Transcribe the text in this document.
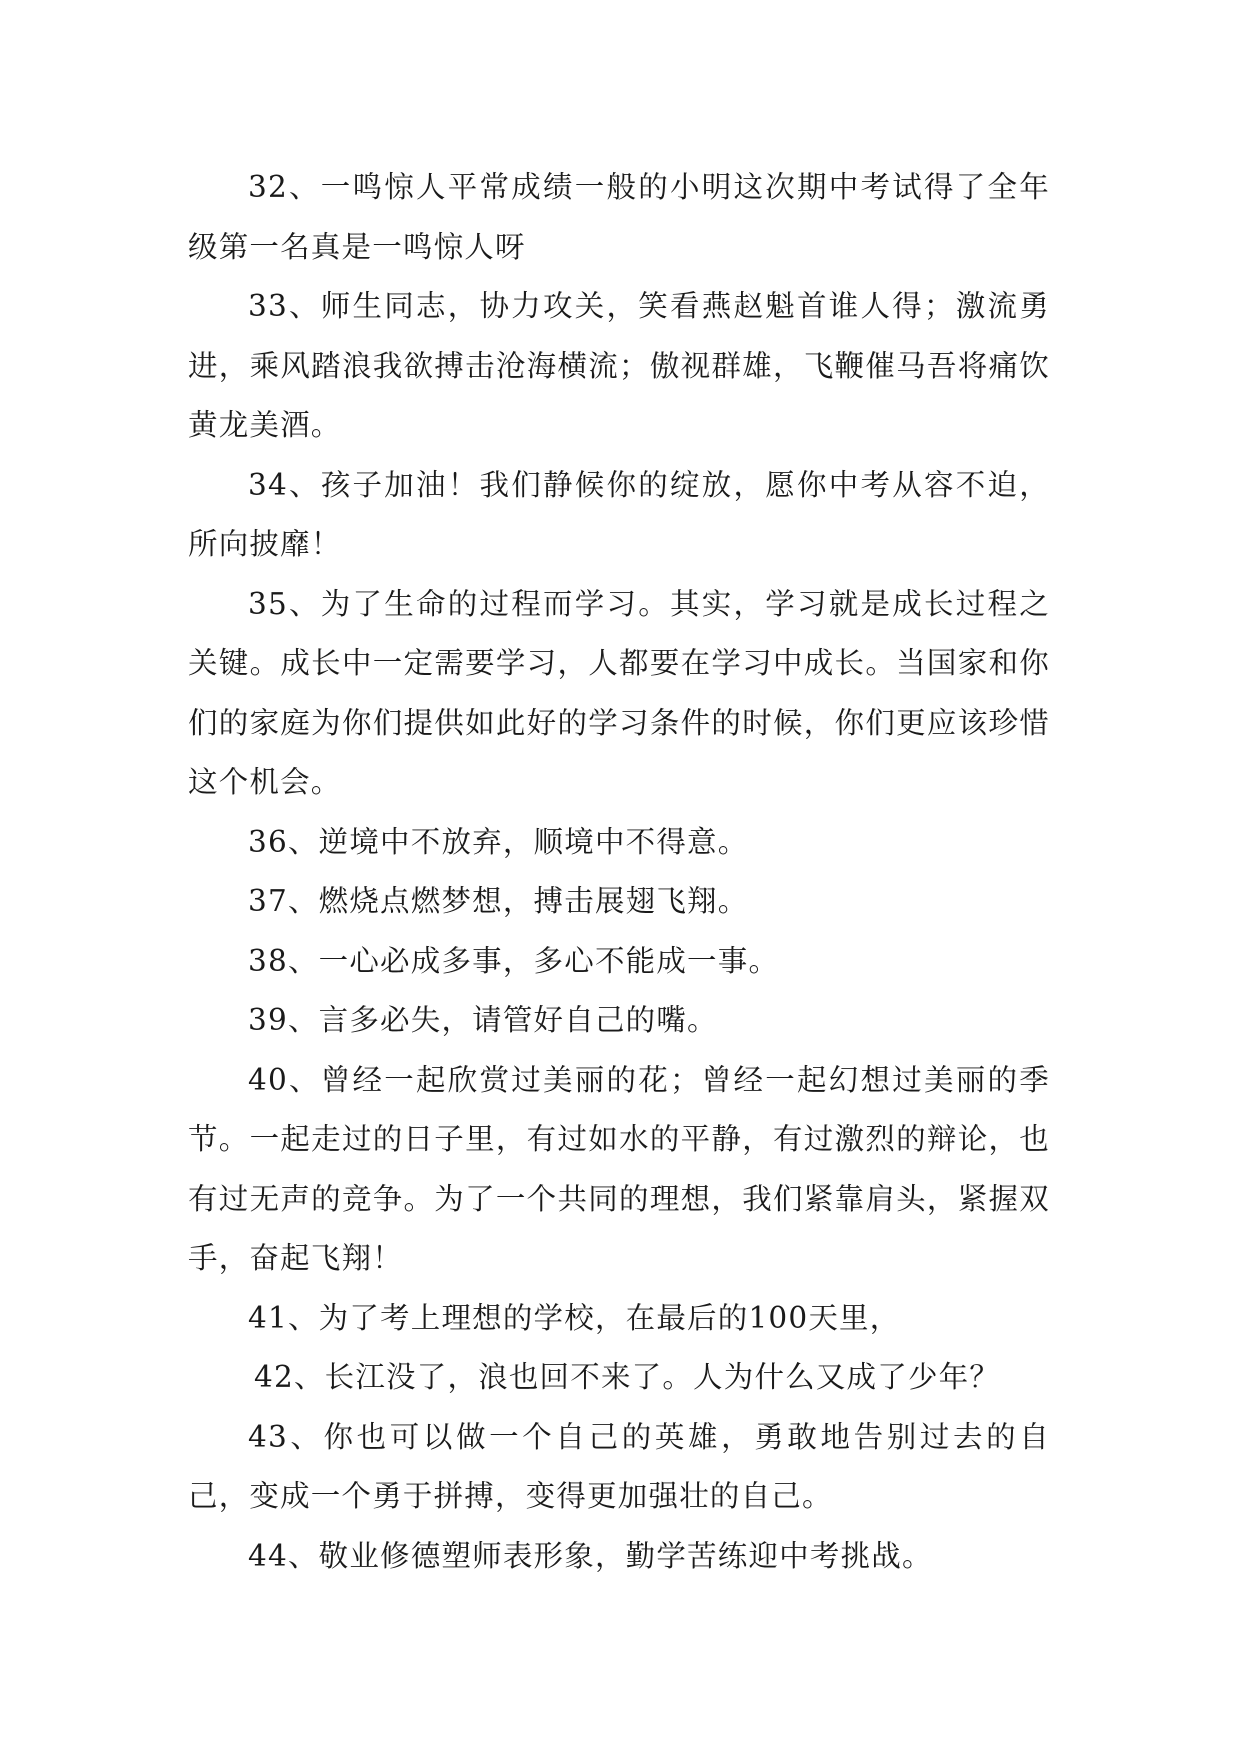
32、一鸣惊人平常成绩一般的小明这次期中考试得了全年级第一名真是一鸣惊人呀

33、师生同志，协力攻关，笑看燕赵魁首谁人得；激流勇进，乘风踏浪我欲搏击沧海横流；傲视群雄，飞鞭催马吾将痛饮黄龙美酒。

34、孩子加油！我们静候你的绽放，愿你中考从容不迫，所向披靡！

35、为了生命的过程而学习。其实，学习就是成长过程之关键。成长中一定需要学习，人都要在学习中成长。当国家和你们的家庭为你们提供如此好的学习条件的时候，你们更应该珍惜这个机会。

36、逆境中不放弃，顺境中不得意。

37、燃烧点燃梦想，搏击展翅飞翔。

38、一心必成多事，多心不能成一事。

39、言多必失，请管好自己的嘴。

40、曾经一起欣赏过美丽的花；曾经一起幻想过美丽的季节。一起走过的日子里，有过如水的平静，有过激烈的辩论，也有过无声的竞争。为了一个共同的理想，我们紧靠肩头，紧握双手，奋起飞翔！

41、为了考上理想的学校，在最后的100天里，

42、长江没了，浪也回不来了。人为什么又成了少年？

43、你也可以做一个自己的英雄，勇敢地告别过去的自己，变成一个勇于拼搏，变得更加强壮的自己。

44、敬业修德塑师表形象，勤学苦练迎中考挑战。
